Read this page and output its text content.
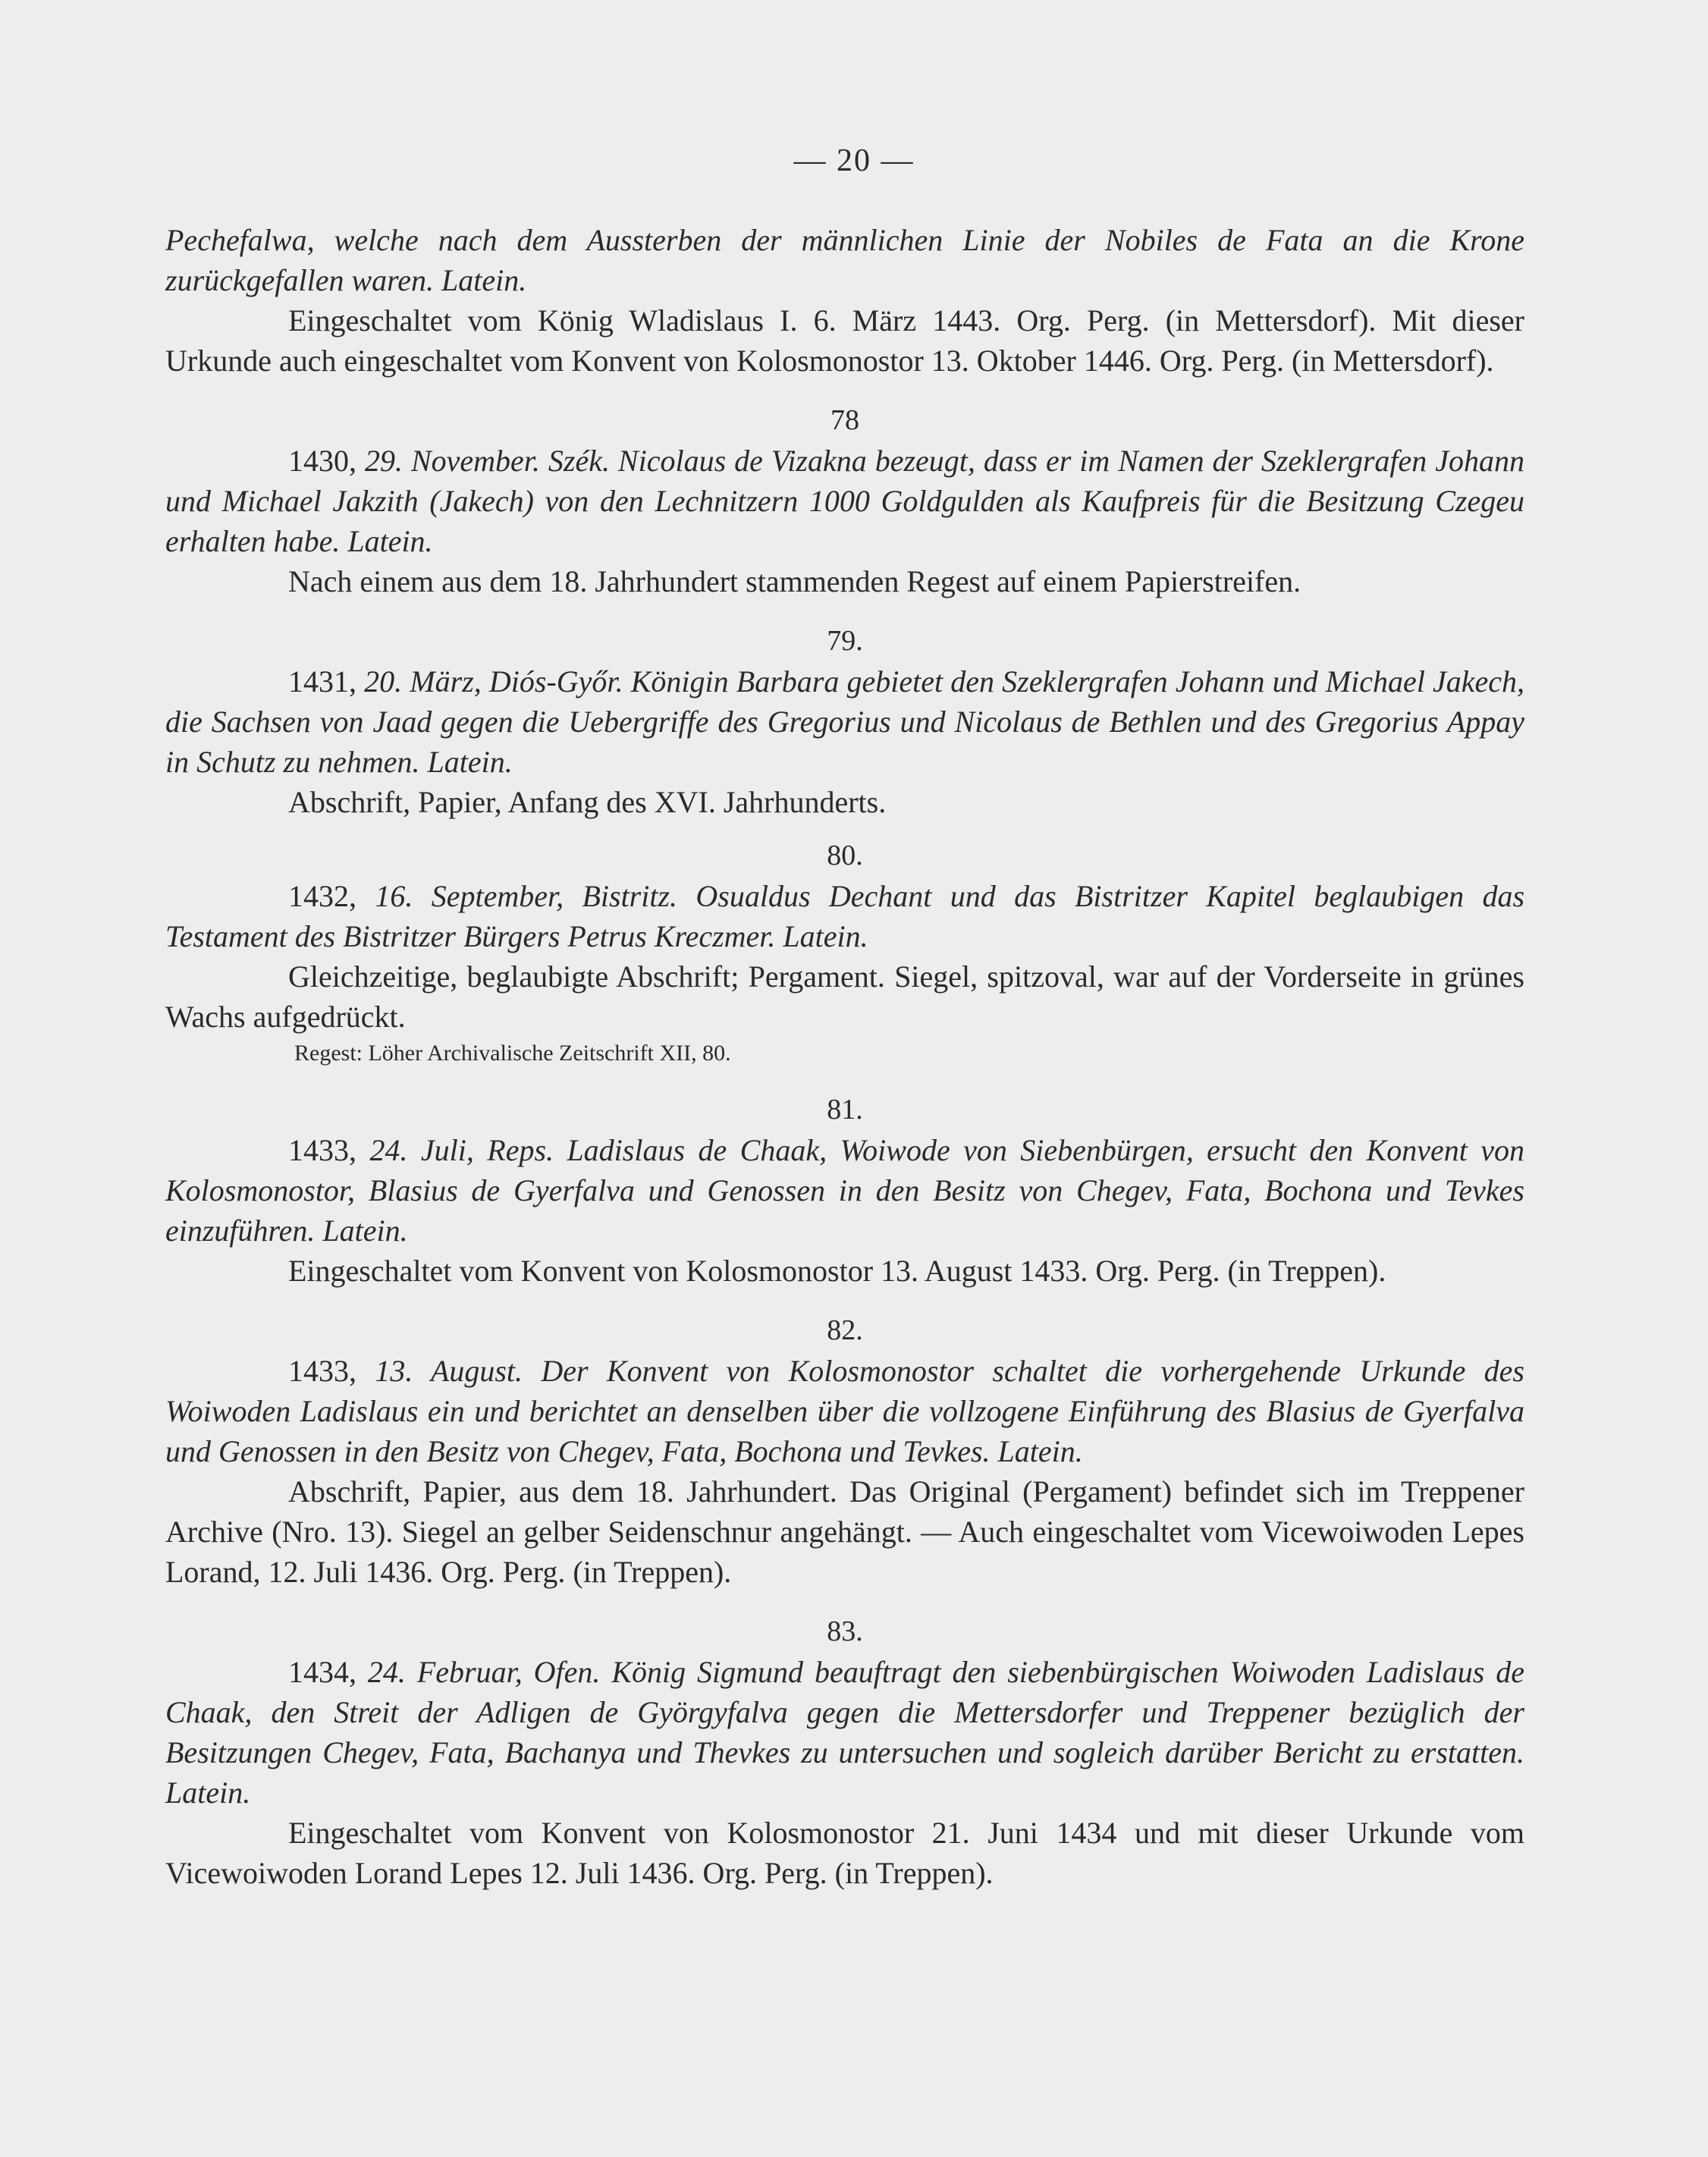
— 20 —

Pechefalwa, welche nach dem Aussterben der männlichen Linie der Nobiles de Fata an die Krone zurückgefallen waren. Latein.

Eingeschaltet vom König Wladislaus I. 6. März 1443. Org. Perg. (in Mettersdorf). Mit dieser Urkunde auch eingeschaltet vom Konvent von Kolosmonostor 13. Oktober 1446. Org. Perg. (in Mettersdorf).

78

1430, 29. November. Szék. Nicolaus de Vizakna bezeugt, dass er im Namen der Szeklergrafen Johann und Michael Jakzith (Jakech) von den Lechnitzern 1000 Goldgulden als Kaufpreis für die Besitzung Czegeu erhalten habe. Latein.

Nach einem aus dem 18. Jahrhundert stammenden Regest auf einem Papierstreifen.

79.

1431, 20. März, Diós-Győr. Königin Barbara gebietet den Szeklergrafen Johann und Michael Jakech, die Sachsen von Jaad gegen die Uebergriffe des Gregorius und Nicolaus de Bethlen und des Gregorius Appay in Schutz zu nehmen. Latein.

Abschrift, Papier, Anfang des XVI. Jahrhunderts.

80.

1432, 16. September, Bistritz. Osualdus Dechant und das Bistritzer Kapitel beglaubigen das Testament des Bistritzer Bürgers Petrus Kreczmer. Latein.

Gleichzeitige, beglaubigte Abschrift; Pergament. Siegel, spitzoval, war auf der Vorderseite in grünes Wachs aufgedrückt.

Regest: Löher Archivalische Zeitschrift XII, 80.

81.

1433, 24. Juli, Reps. Ladislaus de Chaak, Woiwode von Siebenbürgen, ersucht den Konvent von Kolosmonostor, Blasius de Gyerfalva und Genossen in den Besitz von Chegev, Fata, Bochona und Tevkes einzuführen. Latein.

Eingeschaltet vom Konvent von Kolosmonostor 13. August 1433. Org. Perg. (in Treppen).

82.

1433, 13. August. Der Konvent von Kolosmonostor schaltet die vorhergehende Urkunde des Woiwoden Ladislaus ein und berichtet an denselben über die vollzogene Einführung des Blasius de Gyerfalva und Genossen in den Besitz von Chegev, Fata, Bochona und Tevkes. Latein.

Abschrift, Papier, aus dem 18. Jahrhundert. Das Original (Pergament) befindet sich im Treppener Archive (Nro. 13). Siegel an gelber Seidenschnur angehängt. — Auch eingeschaltet vom Vicewoiwoden Lepes Lorand, 12. Juli 1436. Org. Perg. (in Treppen).

83.

1434, 24. Februar, Ofen. König Sigmund beauftragt den siebenbürgischen Woiwoden Ladislaus de Chaak, den Streit der Adligen de Györgyfalva gegen die Mettersdorfer und Treppener bezüglich der Besitzungen Chegev, Fata, Bachanya und Thevkes zu untersuchen und sogleich darüber Bericht zu erstatten. Latein.

Eingeschaltet vom Konvent von Kolosmonostor 21. Juni 1434 und mit dieser Urkunde vom Vicewoiwoden Lorand Lepes 12. Juli 1436. Org. Perg. (in Treppen).
